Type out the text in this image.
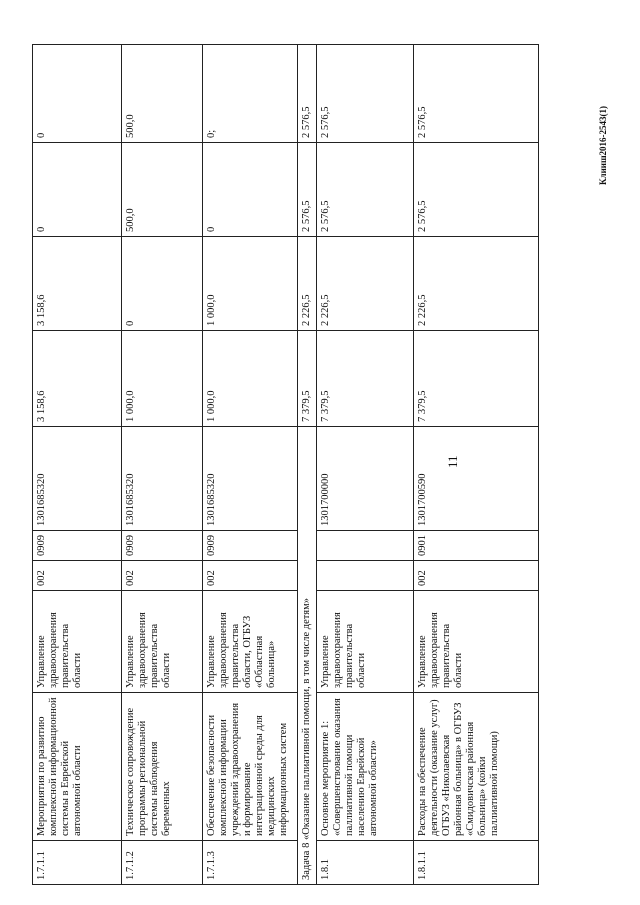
11
1.7.1.1	Мероприятия по развитию комплексной информационной системы в Еврейской автономной области	Управление здравоохранения правительства области	002	0909	1301685320	3 158,6	3 158,6	0	0
1.7.1.2	Техническое сопровождение программы региональной системы наблюдения беременных	Управление здравоохранения правительства области	002	0909	1301685320	1 000,0	0	500,0	500,0
1.7.1.3	Обеспечение безопасности комплексной информации учреждений здравоохранения и формирование интеграционной среды для медицинских информационных систем	Управление здравоохранения правительства области, ОГБУЗ «Областная больница»	002	0909	1301685320	1 000,0	1 000,0	0	0;
Задача 8 «Оказание паллиативной помощи, в том числе детям»						7 379,5	2 226,5	2 576,5	2 576,5
1.8.1	Основное мероприятие 1: «Совершенствование оказания паллиативной помощи населению Еврейской автономной области»	Управление здравоохранения правительства области			1301700000	7 379,5	2 226,5	2 576,5	2 576,5
1.8.1.1	Расходы на обеспечение деятельности (оказание услуг) ОГБУЗ «Николаевская районная больница» в ОГБУЗ «Смидовичская районная больница» (койки паллиативной помощи)	Управление здравоохранения правительства области	002	0901	1301700590	7 379,5	2 226,5	2 576,5	2 576,5	Клииш2016-2543(1)
